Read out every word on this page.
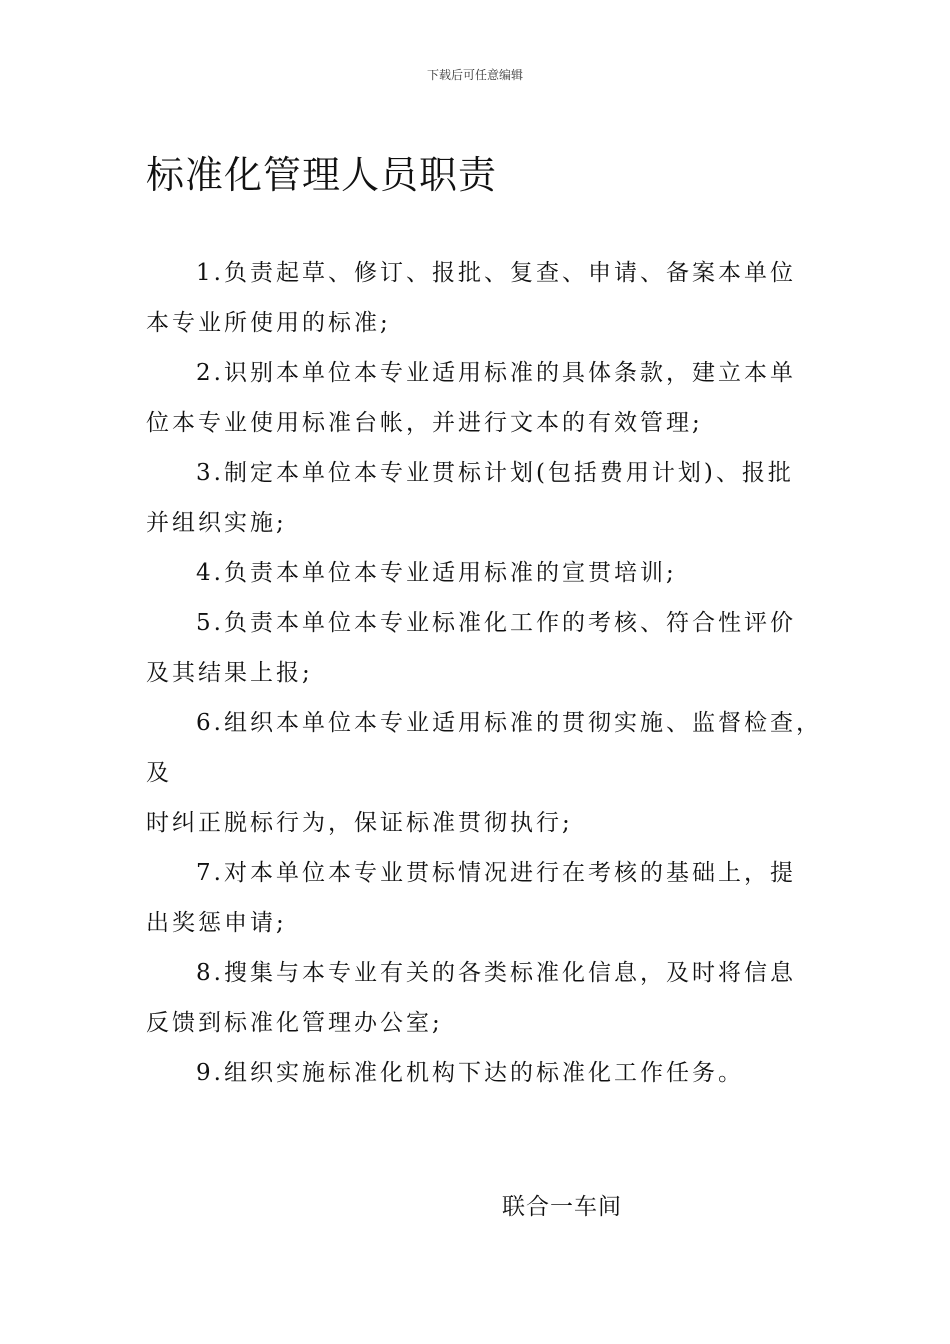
下载后可任意编辑
标准化管理人员职责

1.负责起草、修订、报批、复查、申请、备案本单位

本专业所使用的标准;

2.识别本单位本专业适用标准的具体条款，建立本单

位本专业使用标准台帐，并进行文本的有效管理;

3.制定本单位本专业贯标计划(包括费用计划)、报批

并组织实施;

4.负责本单位本专业适用标准的宣贯培训;

5.负责本单位本专业标准化工作的考核、符合性评价

及其结果上报;

6.组织本单位本专业适用标准的贯彻实施、监督检查，

及

时纠正脱标行为，保证标准贯彻执行;

7.对本单位本专业贯标情况进行在考核的基础上，提

出奖惩申请;

8.搜集与本专业有关的各类标准化信息，及时将信息

反馈到标准化管理办公室;

9.组织实施标准化机构下达的标准化工作任务。

联合一车间
